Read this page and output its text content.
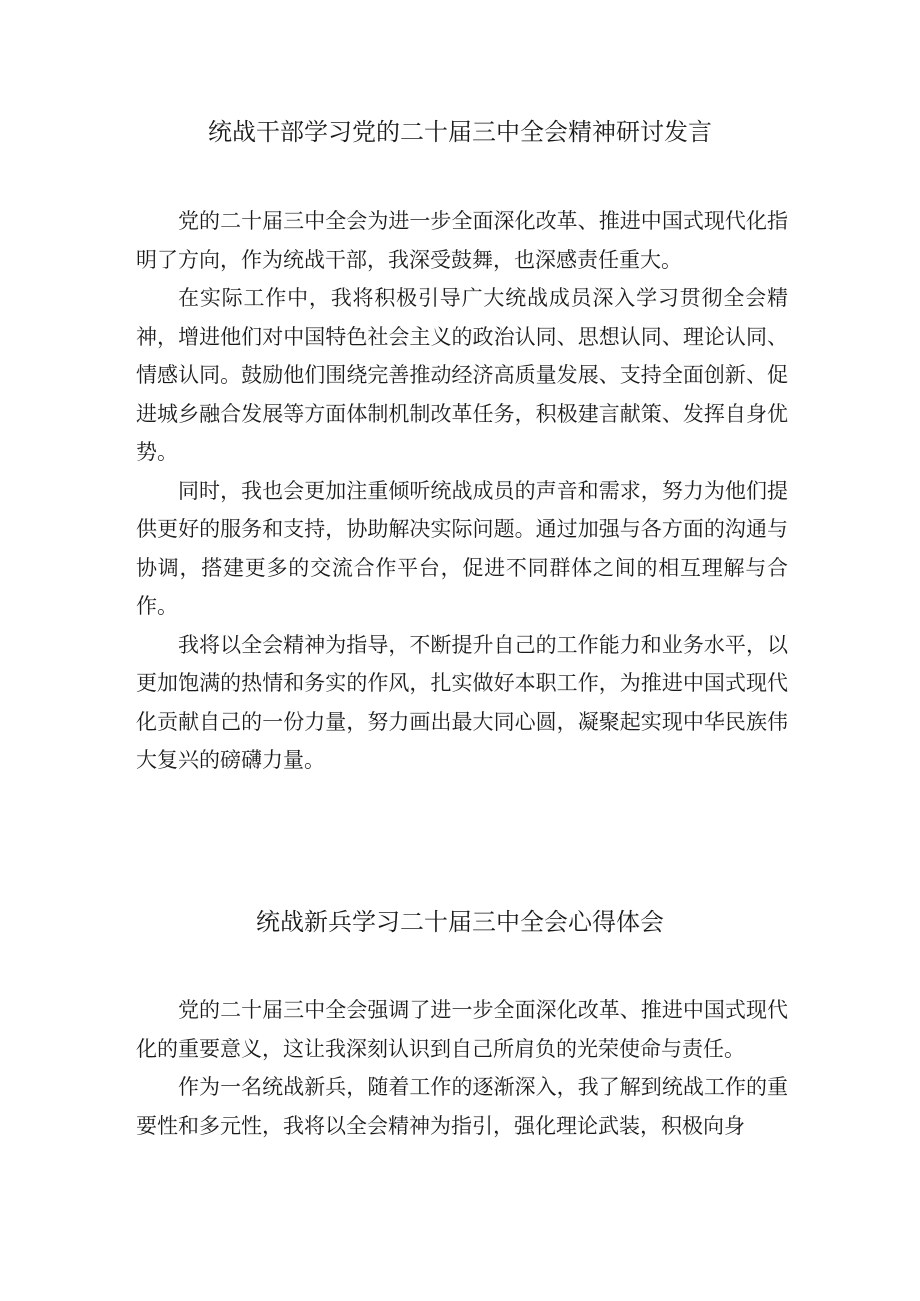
统战干部学习党的二十届三中全会精神研讨发言

党的二十届三中全会为进一步全面深化改革、推进中国式现代化指明了方向，作为统战干部，我深受鼓舞，也深感责任重大。

在实际工作中，我将积极引导广大统战成员深入学习贯彻全会精神，增进他们对中国特色社会主义的政治认同、思想认同、理论认同、情感认同。鼓励他们围绕完善推动经济高质量发展、支持全面创新、促进城乡融合发展等方面体制机制改革任务，积极建言献策、发挥自身优势。

同时，我也会更加注重倾听统战成员的声音和需求，努力为他们提供更好的服务和支持，协助解决实际问题。通过加强与各方面的沟通与协调，搭建更多的交流合作平台，促进不同群体之间的相互理解与合作。

我将以全会精神为指导，不断提升自己的工作能力和业务水平，以更加饱满的热情和务实的作风，扎实做好本职工作，为推进中国式现代化贡献自己的一份力量，努力画出最大同心圆，凝聚起实现中华民族伟大复兴的磅礴力量。

统战新兵学习二十届三中全会心得体会

党的二十届三中全会强调了进一步全面深化改革、推进中国式现代化的重要意义，这让我深刻认识到自己所肩负的光荣使命与责任。

作为一名统战新兵，随着工作的逐渐深入，我了解到统战工作的重要性和多元性，我将以全会精神为指引，强化理论武装，积极向身
